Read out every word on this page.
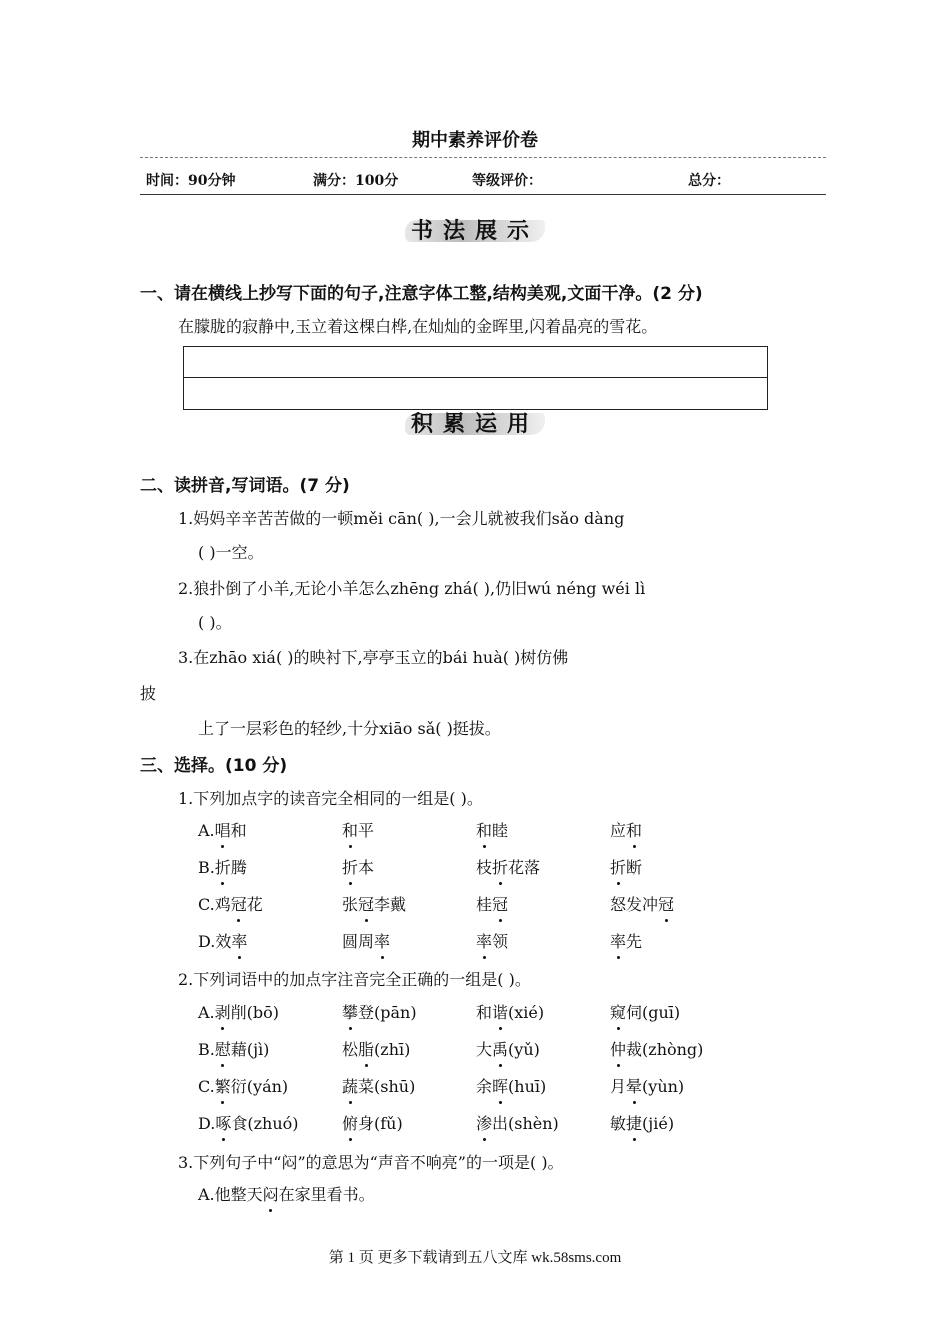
期中素养评价卷
时间：90分钟	满分：100分	等级评价：	总分：
书法展示
一、请在横线上抄写下面的句子,注意字体工整,结构美观,文面干净。(2 分)
在朦胧的寂静中,玉立着这棵白桦,在灿灿的金晖里,闪着晶亮的雪花。
积累运用
二、读拼音,写词语。(7 分)
1.妈妈辛辛苦苦做的一顿měi cān( ),一会儿就被我们sǎo dàng
( )一空。
2.狼扑倒了小羊,无论小羊怎么zhēng zhá( ),仍旧wú néng wéi lì
( )。
3.在zhāo xiá( )的映衬下,亭亭玉立的bái huà( )树仿佛
披
上了一层彩色的轻纱,十分xiāo sǎ( )挺拔。
三、选择。(10 分)
1.下列加点字的读音完全相同的一组是( )。
2.下列词语中的加点字注音完全正确的一组是( )。
3.下列句子中“闷”的意思为“声音不响亮”的一项是( )。
A.他整天闷在家里看书。
第 1 页 更多下载请到五八文库 wk.58sms.com
A.唱和	和平	和睦	应和
B.折腾	折本	枝折花落	折断
C.鸡冠花	张冠李戴	桂冠	怒发冲冠
D.效率	圆周率	率领	率先
A.剥削(bō)	攀登(pān)	和谐(xié)	窥伺(guī)
B.慰藉(jì)	松脂(zhī)	大禹(yǔ)	仲裁(zhòng)
C.繁衍(yán)	蔬菜(shū)	余晖(huī)	月晕(yùn)
D.啄食(zhuó)	俯身(fǔ)	渗出(shèn)	敏捷(jié)
